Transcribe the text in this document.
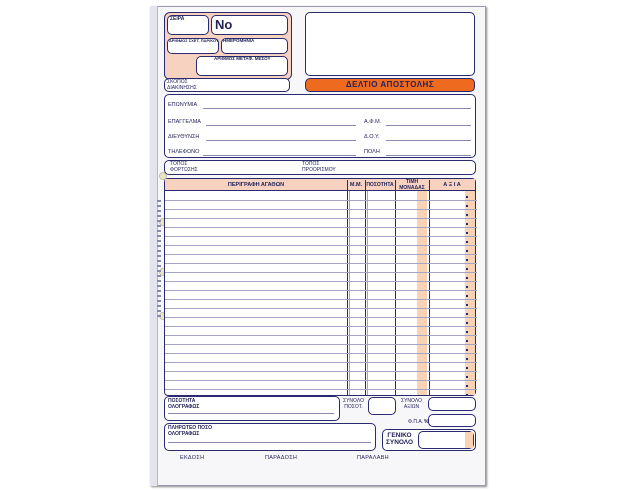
ΣΕΙΡΑ No
ΑΡΙΘΜΟΣ ΣΧΕΤ. ΠΑΡ/ΚΟΥ ΗΜΕΡΟΜΗΝΙΑ
ΑΡΙΘΜΟΣ ΜΕΤΑΦ. ΜΕΣΟΥ
ΣΚΟΠΟΣ
ΔΙΑΚΙΝΗΣΗΣ	ΔΕΛΤΙΟ ΑΠΟΣΤΟΛΗΣ
ΕΠΩΝΥΜΙΑ
ΕΠΑΓΓΕΛΜΑ	Α.Φ.Μ.
ΔΙΕΥΘΥΝΣΗ	Δ.Ο.Υ.
ΤΗΛΕΦΩΝΟ	ΠΟΛΗ
ΤΟΠΟΣ
ΦΟΡΤΩΣΗΣ
ΤΟΠΟΣ
ΠΡΟΟΡΙΣΜΟΥ
ΠΕΡΙΓΡΑΦΗ ΑΓΑΘΩΝ	Μ.Μ. ΠΟΣΟΤΗΤΑ	ΤΙΜΗ
ΜΟΝΑΔΑΣ	Α Ξ Ι Α
ΠΟΣΟΤΗΤΑ
ΟΛΟΓΡΑΦΩΣ
ΣΥΝΟΛΟ
ΠΟΣΟΤ.
ΣΥΝΟΛΟ
ΑΞΙΩΝ
Φ.Π.Α. %
ΠΛΗΡΩΤΕΟ ΠΟΣΟ
ΟΛΟΓΡΑΦΩΣ	ΓΕΝΙΚΟ
ΣΥΝΟΛΟ
ΕΚΔΟΣΗ	ΠΑΡΑΔΟΣΗ	ΠΑΡΑΛΑΒΗ
